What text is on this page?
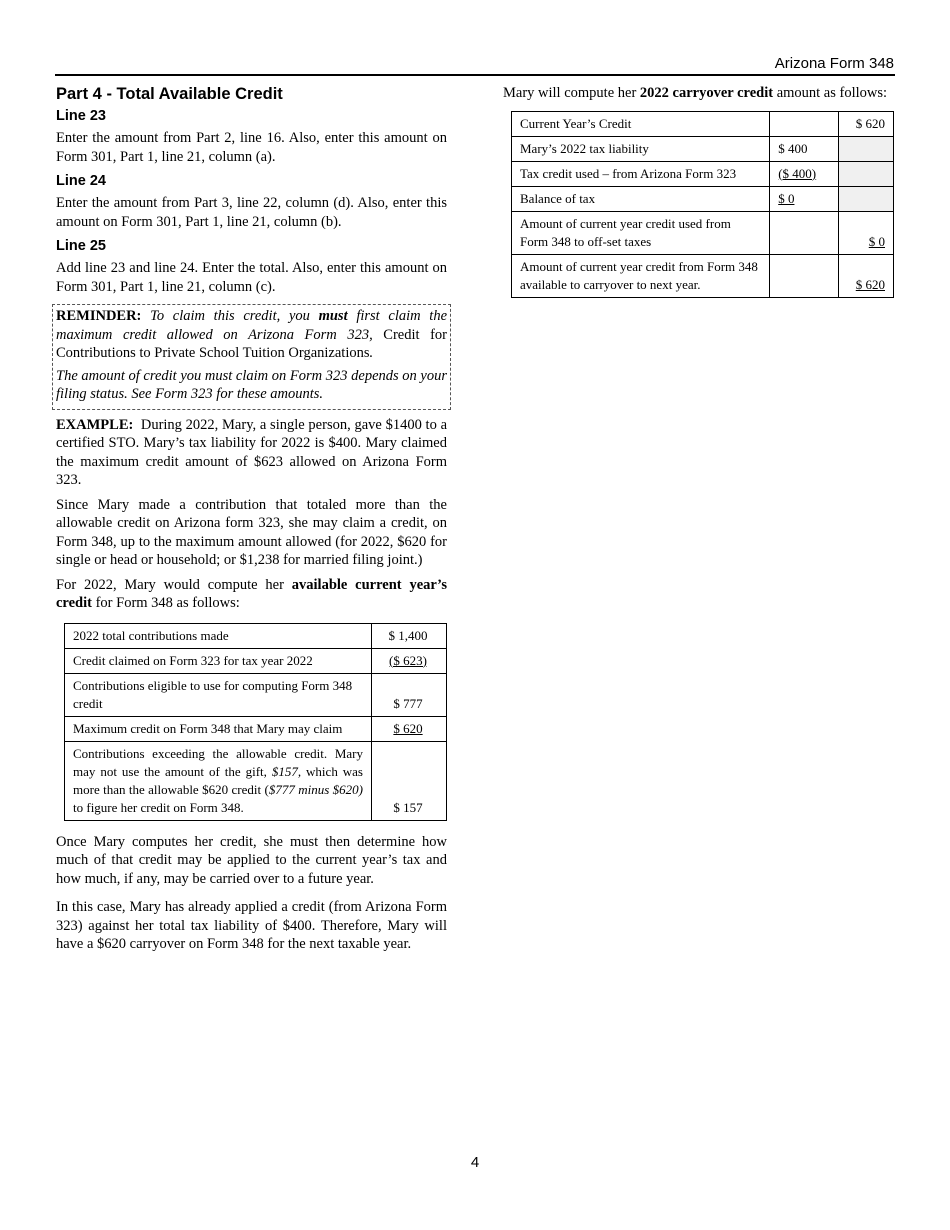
Arizona Form 348
Part 4 - Total Available Credit
Line 23

Enter the amount from Part 2, line 16. Also, enter this amount on Form 301, Part 1, line 21, column (a).

Line 24

Enter the amount from Part 3, line 22, column (d). Also, enter this amount on Form 301, Part 1, line 21, column (b).

Line 25

Add line 23 and line 24. Enter the total. Also, enter this amount on Form 301, Part 1, line 21, column (c).

REMINDER: To claim this credit, you must first claim the maximum credit allowed on Arizona Form 323, Credit for Contributions to Private School Tuition Organizations.

The amount of credit you must claim on Form 323 depends on your filing status. See Form 323 for these amounts.

EXAMPLE: During 2022, Mary, a single person, gave $1400 to a certified STO. Mary’s tax liability for 2022 is $400. Mary claimed the maximum credit amount of $623 allowed on Arizona Form 323.

Since Mary made a contribution that totaled more than the allowable credit on Arizona form 323, she may claim a credit, on Form 348, up to the maximum amount allowed (for 2022, $620 for single or head or household; or $1,238 for married filing joint.)

For 2022, Mary would compute her available current year’s credit for Form 348 as follows:

2022 total contributions made	$ 1,400
Credit claimed on Form 323 for tax year 2022	($ 623)
Contributions eligible to use for computing Form 348 credit	$ 777
Maximum credit on Form 348 that Mary may claim	$ 620
Contributions exceeding the allowable credit. Mary may not use the amount of the gift, $157, which was more than the allowable $620 credit ($777 minus $620) to figure her credit on Form 348.	$ 157

Once Mary computes her credit, she must then determine how much of that credit may be applied to the current year’s tax and how much, if any, may be carried over to a future year.

In this case, Mary has already applied a credit (from Arizona Form 323) against her total tax liability of $400. Therefore, Mary will have a $620 carryover on Form 348 for the next taxable year.

Mary will compute her 2022 carryover credit amount as follows:

Current Year’s Credit		$ 620
Mary’s 2022 tax liability	$ 400	
Tax credit used – from Arizona Form 323	($ 400)	
Balance of tax	$ 0	
Amount of current year credit used from Form 348 to off-set taxes		$ 0
Amount of current year credit from Form 348 available to carryover to next year.		$ 620
4
